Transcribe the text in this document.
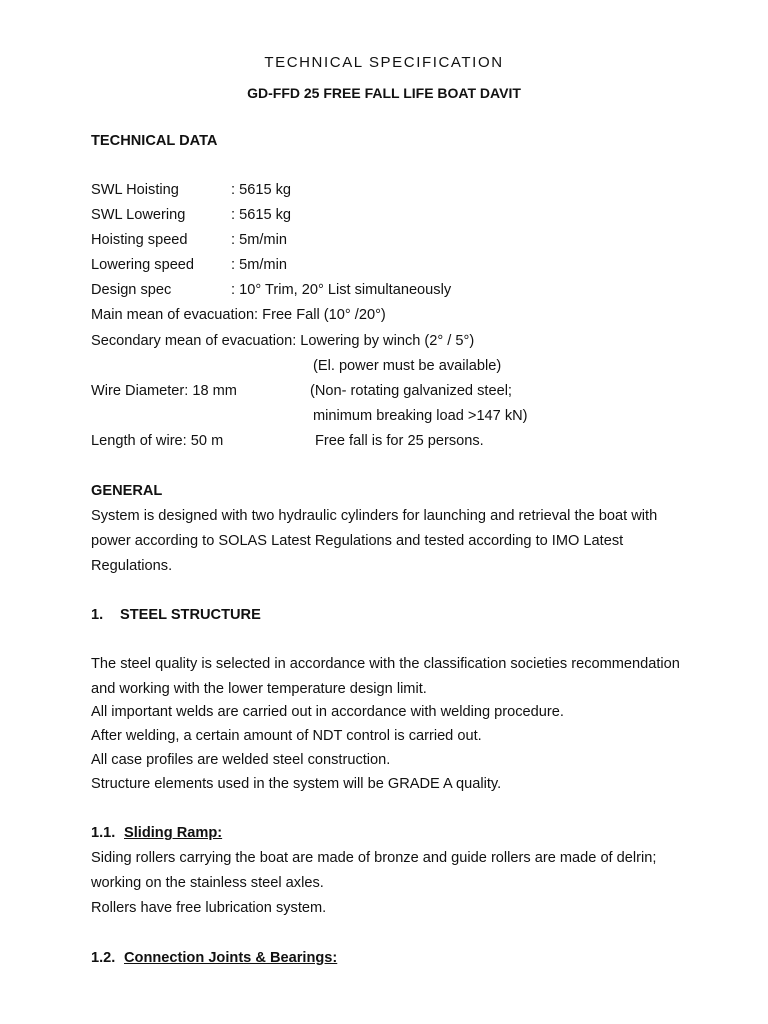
TECHNICAL SPECIFICATION
GD-FFD 25 FREE FALL LIFE BOAT DAVIT
TECHNICAL DATA
SWL Hoisting	: 5615 kg
SWL Lowering	: 5615 kg
Hoisting speed	: 5m/min
Lowering speed	: 5m/min
Design spec	: 10° Trim, 20° List simultaneously
Main mean of evacuation: Free Fall (10° /20°)
Secondary mean of evacuation: Lowering by winch (2° / 5°)
(El. power must be available)
Wire Diameter: 18 mm	(Non- rotating galvanized steel;
minimum breaking load >147 kN)
Length of wire: 50 m	Free fall is for 25 persons.
GENERAL
System is designed with two hydraulic cylinders for launching and retrieval the boat with
power according to SOLAS Latest Regulations and tested according to IMO Latest
Regulations.
1. STEEL STRUCTURE
The steel quality is selected in accordance with the classification societies recommendation
and working with the lower temperature design limit.
All important welds are carried out in accordance with welding procedure.
After welding, a certain amount of NDT control is carried out.
All case profiles are welded steel construction.
Structure elements used in the system will be GRADE A quality.
1.1. Sliding Ramp:
Siding rollers carrying the boat are made of bronze and guide rollers are made of delrin;
working on the stainless steel axles.
Rollers have free lubrication system.
1.2. Connection Joints & Bearings:
